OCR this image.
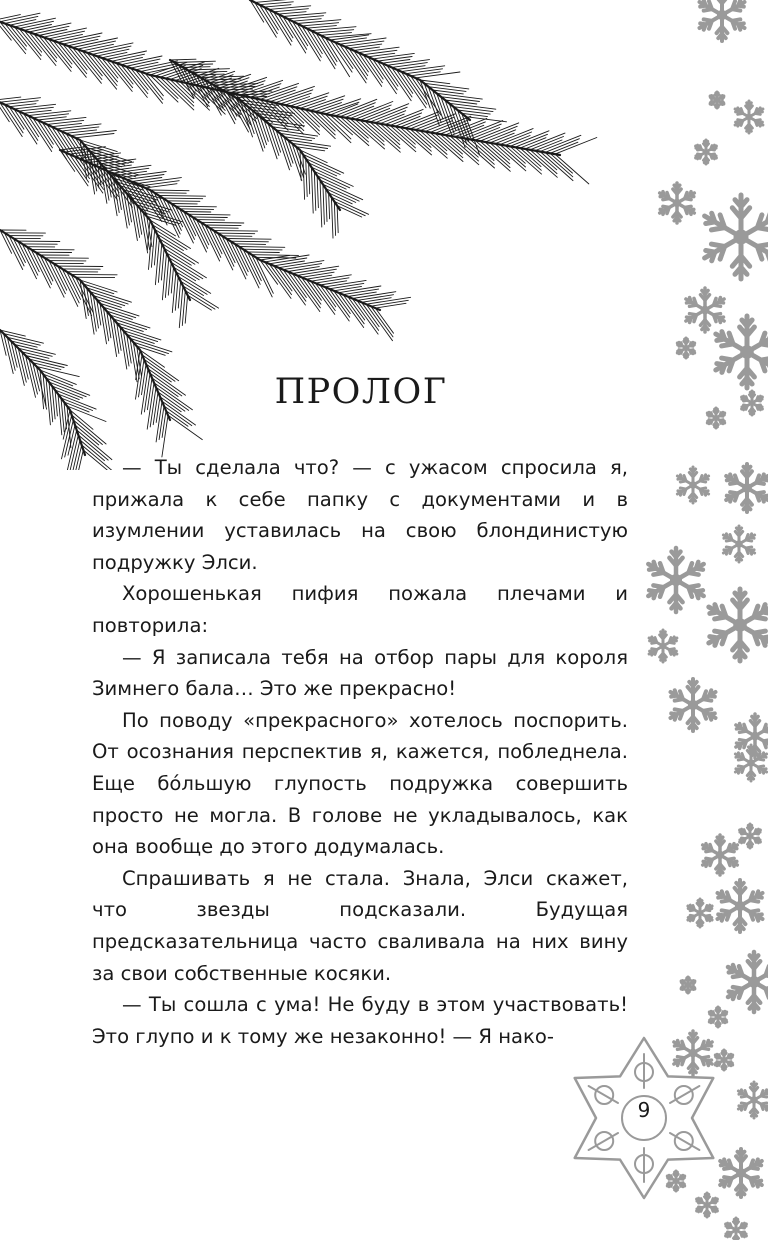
ПРОЛОГ

— Ты сделала что? — с ужасом спросила я, прижала к себе папку с документами и в изумлении уставилась на свою блондинистую подружку Элси.

Хорошенькая пифия пожала плечами и повторила:

— Я записала тебя на отбор пары для короля Зимнего бала… Это же прекрасно!

По поводу «прекрасного» хотелось поспорить. От осознания перспектив я, кажется, побледнела. Еще бóльшую глупость подружка совершить просто не могла. В голове не укладывалось, как она вообще до этого додумалась.

Спрашивать я не стала. Знала, Элси скажет, что звезды подсказали. Будущая предсказательница часто сваливала на них вину за свои собственные косяки.

— Ты сошла с ума! Не буду в этом участвовать! Это глупо и к тому же незаконно! — Я нако-

9
